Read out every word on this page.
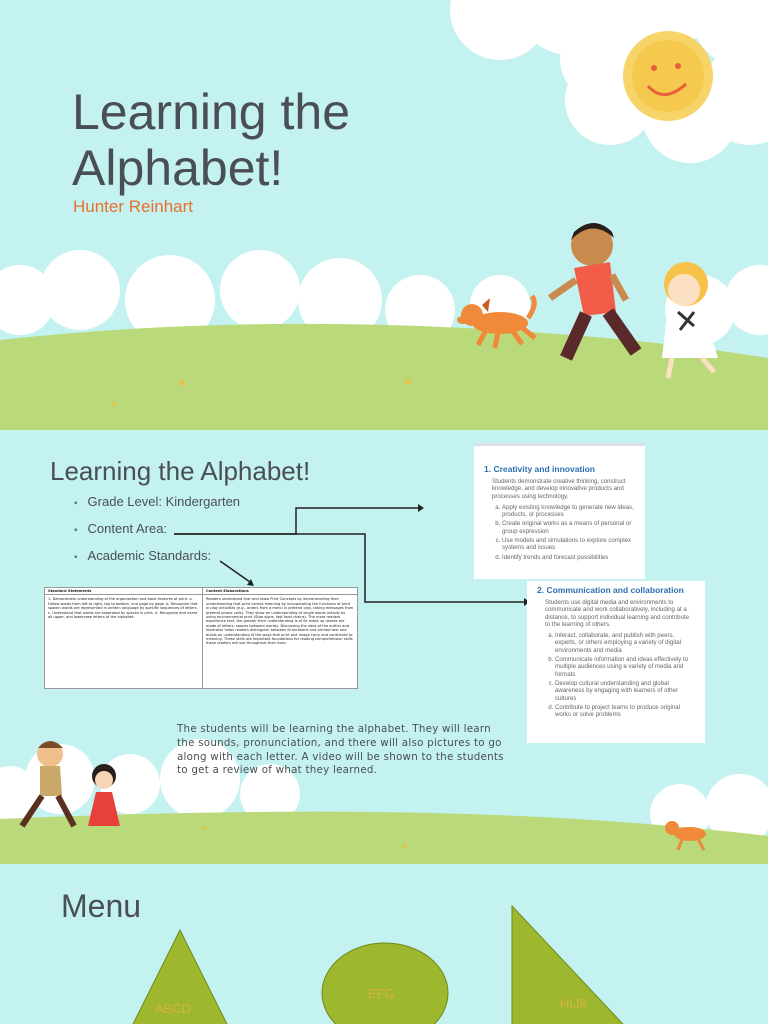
Learning the
Alphabet!
Hunter Reinhart
Learning the Alphabet!
▪ Grade Level: Kindergarten
▪ Content Area:
▪ Academic Standards:
Standard Statements
1. Demonstrate understanding of the organization and basic features of print. a. Follow words from left to right, top to bottom, and page by page. b. Recognize that spoken words are represented in written language by specific sequences of letters. c. Understand that words are separated by spaces in print. d. Recognize and name all upper- and lowercase letters of the alphabet.
Content Elaborations
Readers understand that and show Print Concepts by demonstrating their understanding that print carries meaning by incorporating the functions of print in play activities (e.g., orders from a menu in pretend play, taking messages from pretend phone calls). They show an understanding of single words initially by using environmental print (Stop signs, fast food chains). The more readers experience text, the greater their understanding is of its make up (words are made of letters, spaces between words). Discussing the roles of the author and illustrator helps readers distinguish between illustrations and printed text and builds an understanding of the ways that print and image carry and contribute to meaning. These skills are important foundations for reading comprehension skills these readers will use throughout their lives.
1. Creativity and innovation

Students demonstrate creative thinking, construct knowledge, and develop innovative products and processes using technology.

a. Apply existing knowledge to generate new ideas, products, or processes
b. Create original works as a means of personal or group expression
c. Use models and simulations to explore complex systems and issues
d. Identify trends and forecast possibilities
2. Communication and collaboration

Students use digital media and environments to communicate and work collaboratively, including at a distance, to support individual learning and contribute to the learning of others.

a. Interact, collaborate, and publish with peers, experts, or others employing a variety of digital environments and media
b. Communicate information and ideas effectively to multiple audiences using a variety of media and formats
c. Develop cultural understanding and global awareness by engaging with learners of other cultures
d. Contribute to project teams to produce original works or solve problems
The students will be learning the alphabet. They will learn the sounds, pronunciation, and there will also pictures to go along with each letter. A video will be shown to the students to get a review of what they learned.
Menu
ABCD
EFG
HIJK
